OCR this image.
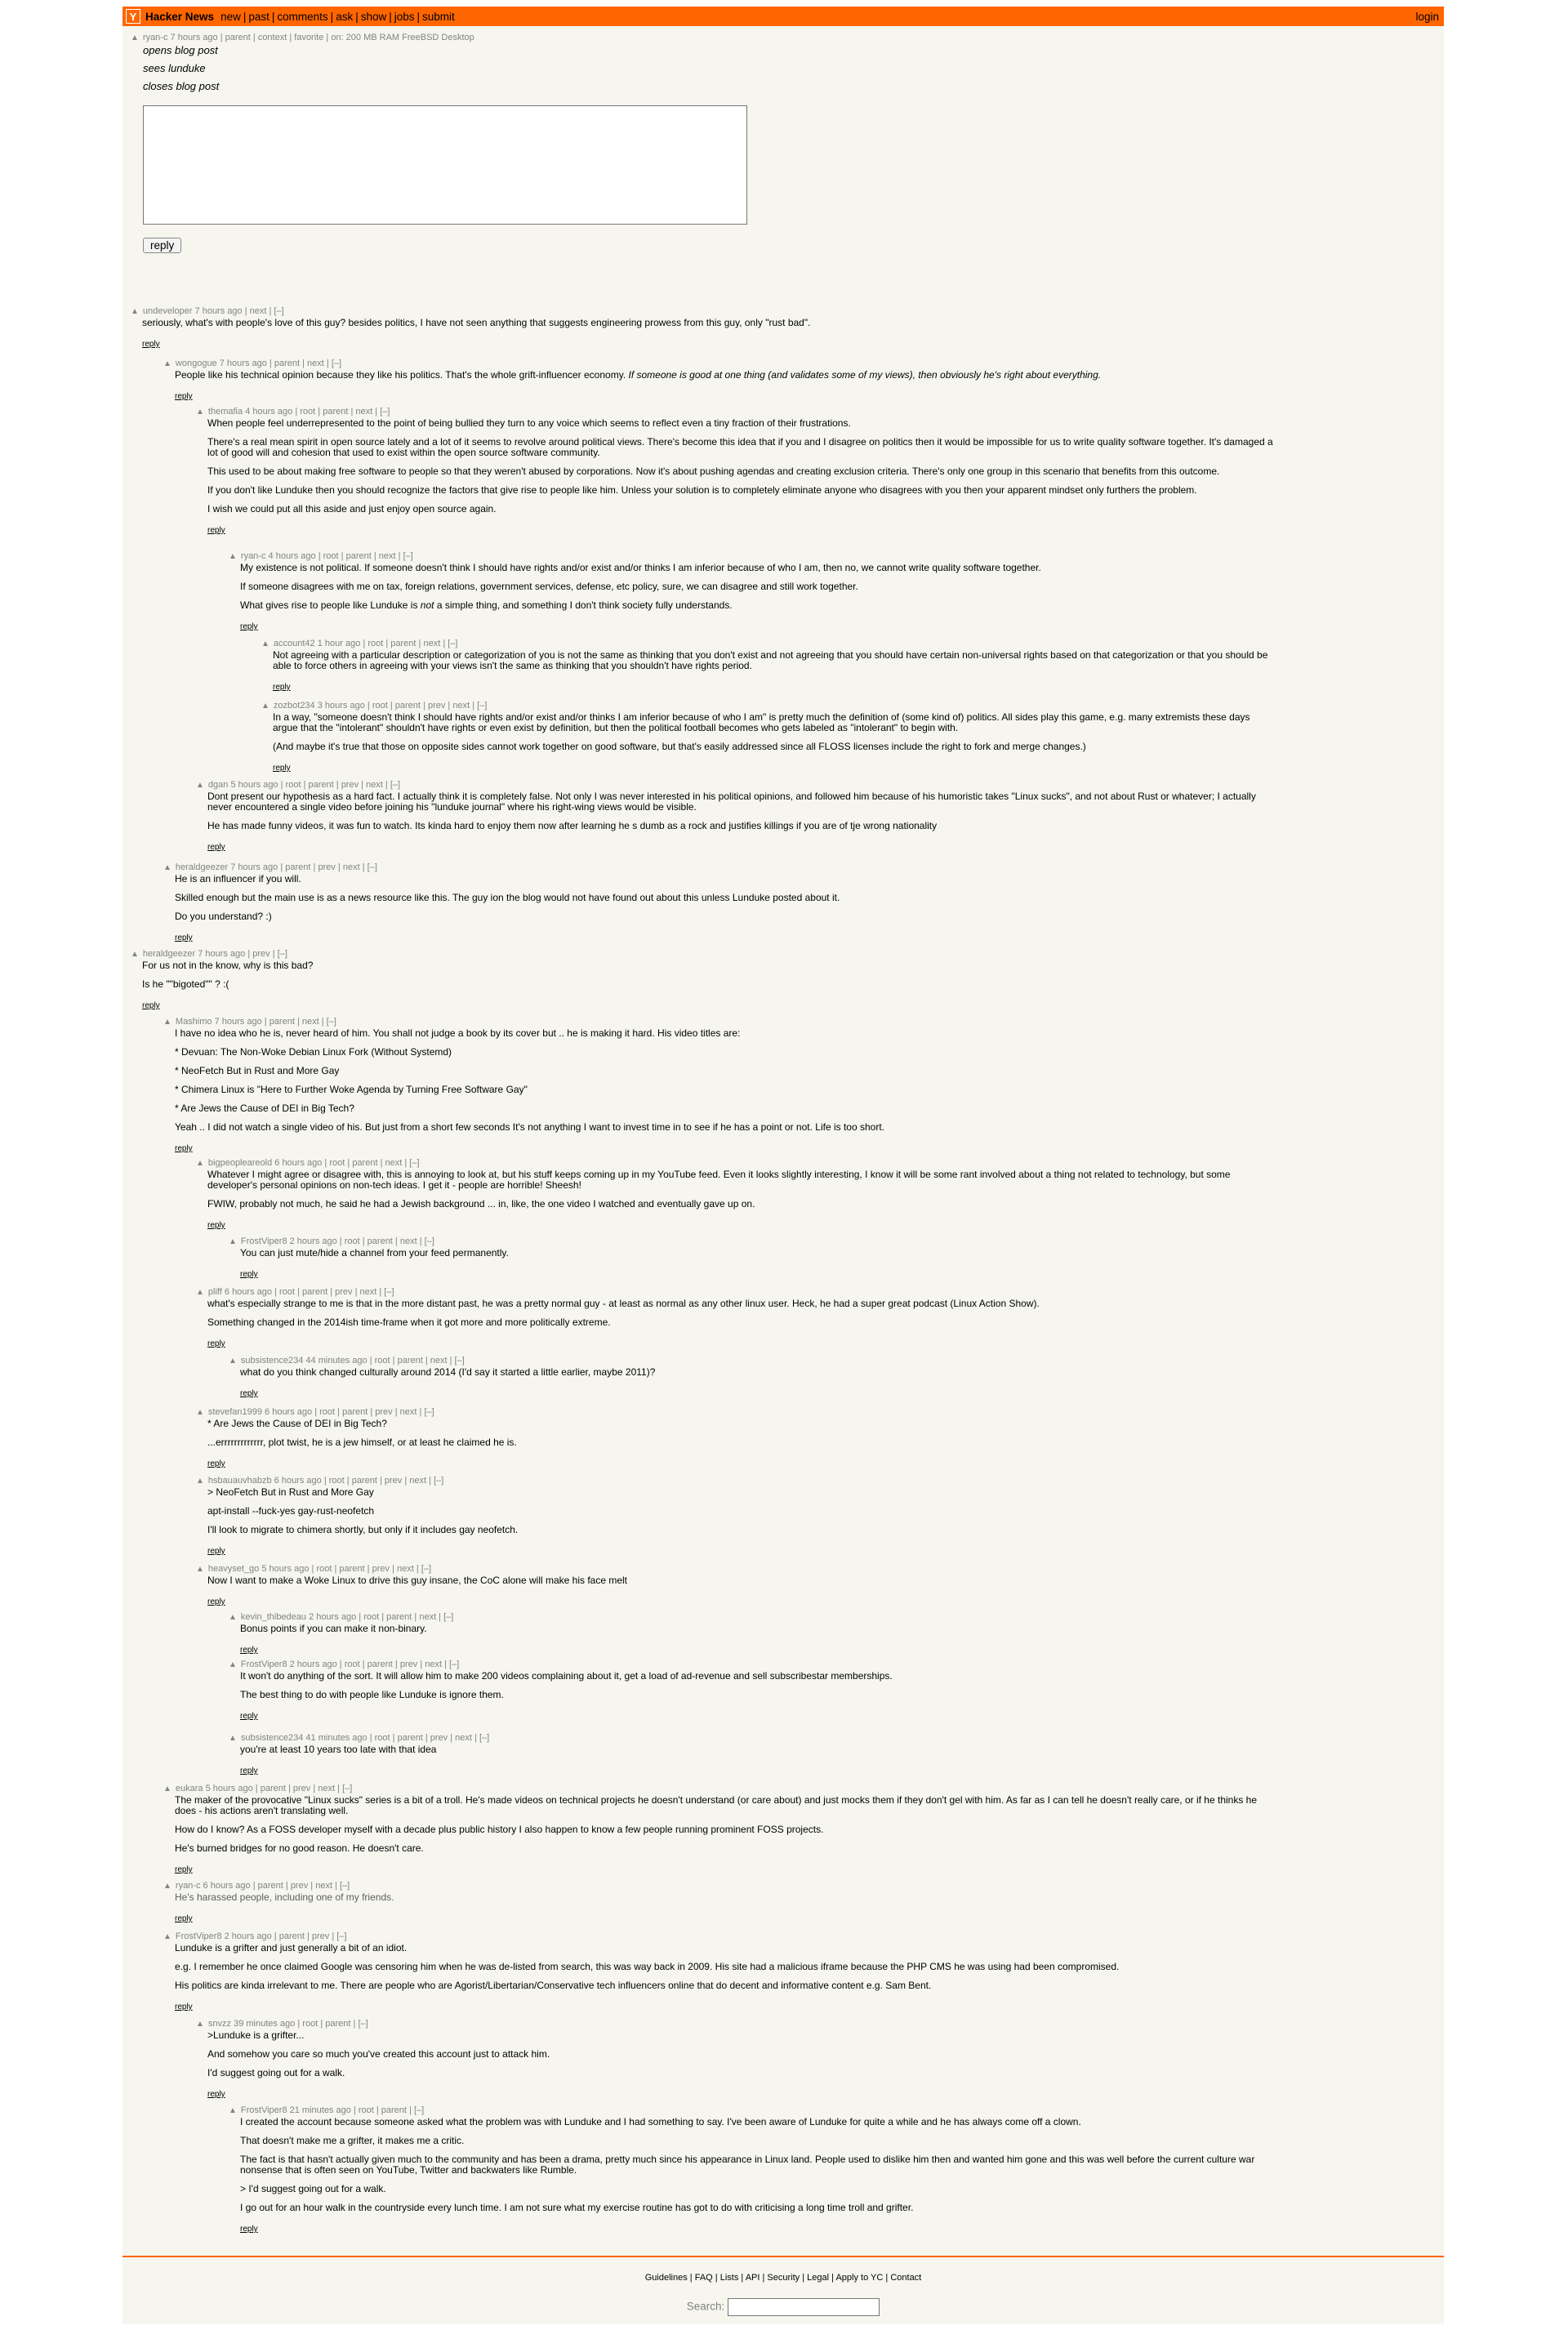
Y Hacker News new | past | comments | ask | show | jobs | submit	login
▲ ryan-c 7 hours ago | parent | context | favorite | on: 200 MB RAM FreeBSD Desktop

opens blog post

sees lunduke

closes blog post

reply
▲ undeveloper 7 hours ago | next | [–]

seriously, what's with people's love of this guy? besides politics, I have not seen anything that suggests engineering prowess from this guy, only "rust bad".

reply
▲ wongogue 7 hours ago | parent | next | [–]

People like his technical opinion because they like his politics. That's the whole grift-influencer economy. If someone is good at one thing (and validates some of my views), then obviously he's right about everything.

reply
▲ themafia 4 hours ago | root | parent | next | [–]

When people feel underrepresented to the point of being bullied they turn to any voice which seems to reflect even a tiny fraction of their frustrations.

There's a real mean spirit in open source lately and a lot of it seems to revolve around political views. There's become this idea that if you and I disagree on politics then it would be impossible for us to write quality software together. It's damaged a lot of good will and cohesion that used to exist within the open source software community.

This used to be about making free software to people so that they weren't abused by corporations. Now it's about pushing agendas and creating exclusion criteria. There's only one group in this scenario that benefits from this outcome.

If you don't like Lunduke then you should recognize the factors that give rise to people like him. Unless your solution is to completely eliminate anyone who disagrees with you then your apparent mindset only furthers the problem.

I wish we could put all this aside and just enjoy open source again.

reply
▲ ryan-c 4 hours ago | root | parent | next | [–]

My existence is not political. If someone doesn't think I should have rights and/or exist and/or thinks I am inferior because of who I am, then no, we cannot write quality software together.

If someone disagrees with me on tax, foreign relations, government services, defense, etc policy, sure, we can disagree and still work together.

What gives rise to people like Lunduke is not a simple thing, and something I don't think society fully understands.

reply
▲ account42 1 hour ago | root | parent | next | [–]

Not agreeing with a particular description or categorization of you is not the same as thinking that you don't exist and not agreeing that you should have certain non-universal rights based on that categorization or that you should be able to force others in agreeing with your views isn't the same as thinking that you shouldn't have rights period.

reply
▲ zozbot234 3 hours ago | root | parent | prev | next | [–]

In a way, "someone doesn't think I should have rights and/or exist and/or thinks I am inferior because of who I am" is pretty much the definition of (some kind of) politics. All sides play this game, e.g. many extremists these days argue that the "intolerant" shouldn't have rights or even exist by definition, but then the political football becomes who gets labeled as "intolerant" to begin with.

(And maybe it's true that those on opposite sides cannot work together on good software, but that's easily addressed since all FLOSS licenses include the right to fork and merge changes.)

reply
▲ dgan 5 hours ago | root | parent | prev | next | [–]

Dont present our hypothesis as a hard fact. I actually think it is completely false. Not only I was never interested in his political opinions, and followed him because of his humoristic takes "Linux sucks", and not about Rust or whatever; I actually never encountered a single video before joining his "lunduke journal" where his right-wing views would be visible.

He has made funny videos, it was fun to watch. Its kinda hard to enjoy them now after learning he s dumb as a rock and justifies killings if you are of tje wrong nationality

reply
▲ heraldgeezer 7 hours ago | parent | prev | next | [–]

He is an influencer if you will.

Skilled enough but the main use is as a news resource like this. The guy ion the blog would not have found out about this unless Lunduke posted about it.

Do you understand? :)

reply
▲ heraldgeezer 7 hours ago | prev | [–]

For us not in the know, why is this bad?

Is he ""bigoted"" ? :(

reply
▲ Mashimo 7 hours ago | parent | next | [–]

I have no idea who he is, never heard of him. You shall not judge a book by its cover but .. he is making it hard. His video titles are:

* Devuan: The Non-Woke Debian Linux Fork (Without Systemd)

* NeoFetch But in Rust and More Gay

* Chimera Linux is "Here to Further Woke Agenda by Turning Free Software Gay"

* Are Jews the Cause of DEI in Big Tech?

Yeah .. I did not watch a single video of his. But just from a short few seconds It's not anything I want to invest time in to see if he has a point or not. Life is too short.

reply
▲ bigpeopleareold 6 hours ago | root | parent | next | [–]

Whatever I might agree or disagree with, this is annoying to look at, but his stuff keeps coming up in my YouTube feed. Even it looks slightly interesting, I know it will be some rant involved about a thing not related to technology, but some developer's personal opinions on non-tech ideas. I get it - people are horrible! Sheesh!

FWIW, probably not much, he said he had a Jewish background ... in, like, the one video I watched and eventually gave up on.

reply
▲ FrostViper8 2 hours ago | root | parent | next | [–]

You can just mute/hide a channel from your feed permanently.

reply
▲ pliff 6 hours ago | root | parent | prev | next | [–]

what's especially strange to me is that in the more distant past, he was a pretty normal guy - at least as normal as any other linux user. Heck, he had a super great podcast (Linux Action Show).

Something changed in the 2014ish time-frame when it got more and more politically extreme.

reply
▲ subsistence234 44 minutes ago | root | parent | next | [–]

what do you think changed culturally around 2014 (I'd say it started a little earlier, maybe 2011)?

reply
▲ stevefan1999 6 hours ago | root | parent | prev | next | [–]

* Are Jews the Cause of DEI in Big Tech?

...errrrrrrrrrrrr, plot twist, he is a jew himself, or at least he claimed he is.

reply
▲ hsbauauvhabzb 6 hours ago | root | parent | prev | next | [–]

> NeoFetch But in Rust and More Gay

apt-install --fuck-yes gay-rust-neofetch

I'll look to migrate to chimera shortly, but only if it includes gay neofetch.

reply
▲ heavyset_go 5 hours ago | root | parent | prev | next | [–]

Now I want to make a Woke Linux to drive this guy insane, the CoC alone will make his face melt

reply
▲ kevin_thibedeau 2 hours ago | root | parent | next | [–]

Bonus points if you can make it non-binary.

reply
▲ FrostViper8 2 hours ago | root | parent | prev | next | [–]

It won't do anything of the sort. It will allow him to make 200 videos complaining about it, get a load of ad-revenue and sell subscribestar memberships.

The best thing to do with people like Lunduke is ignore them.

reply
▲ subsistence234 41 minutes ago | root | parent | prev | next | [–]

you're at least 10 years too late with that idea

reply
▲ eukara 5 hours ago | parent | prev | next | [–]

The maker of the provocative "Linux sucks" series is a bit of a troll. He's made videos on technical projects he doesn't understand (or care about) and just mocks them if they don't gel with him. As far as I can tell he doesn't really care, or if he thinks he does - his actions aren't translating well.

How do I know? As a FOSS developer myself with a decade plus public history I also happen to know a few people running prominent FOSS projects.

He's burned bridges for no good reason. He doesn't care.

reply
▲ ryan-c 6 hours ago | parent | prev | next | [–]

He's harassed people, including one of my friends.

reply
▲ FrostViper8 2 hours ago | parent | prev | [–]

Lunduke is a grifter and just generally a bit of an idiot.

e.g. I remember he once claimed Google was censoring him when he was de-listed from search, this was way back in 2009. His site had a malicious iframe because the PHP CMS he was using had been compromised.

His politics are kinda irrelevant to me. There are people who are Agorist/Libertarian/Conservative tech influencers online that do decent and informative content e.g. Sam Bent.

reply
▲ snvzz 39 minutes ago | root | parent | [–]

>Lunduke is a grifter...

And somehow you care so much you've created this account just to attack him.

I'd suggest going out for a walk.

reply
▲ FrostViper8 21 minutes ago | root | parent | [–]

I created the account because someone asked what the problem was with Lunduke and I had something to say. I've been aware of Lunduke for quite a while and he has always come off a clown.

That doesn't make me a grifter, it makes me a critic.

The fact is that hasn't actually given much to the community and has been a drama, pretty much since his appearance in Linux land. People used to dislike him then and wanted him gone and this was well before the current culture war nonsense that is often seen on YouTube, Twitter and backwaters like Rumble.

> I'd suggest going out for a walk.

I go out for an hour walk in the countryside every lunch time. I am not sure what my exercise routine has got to do with criticising a long time troll and grifter.

reply
Guidelines | FAQ | Lists | API | Security | Legal | Apply to YC | Contact
Search:
